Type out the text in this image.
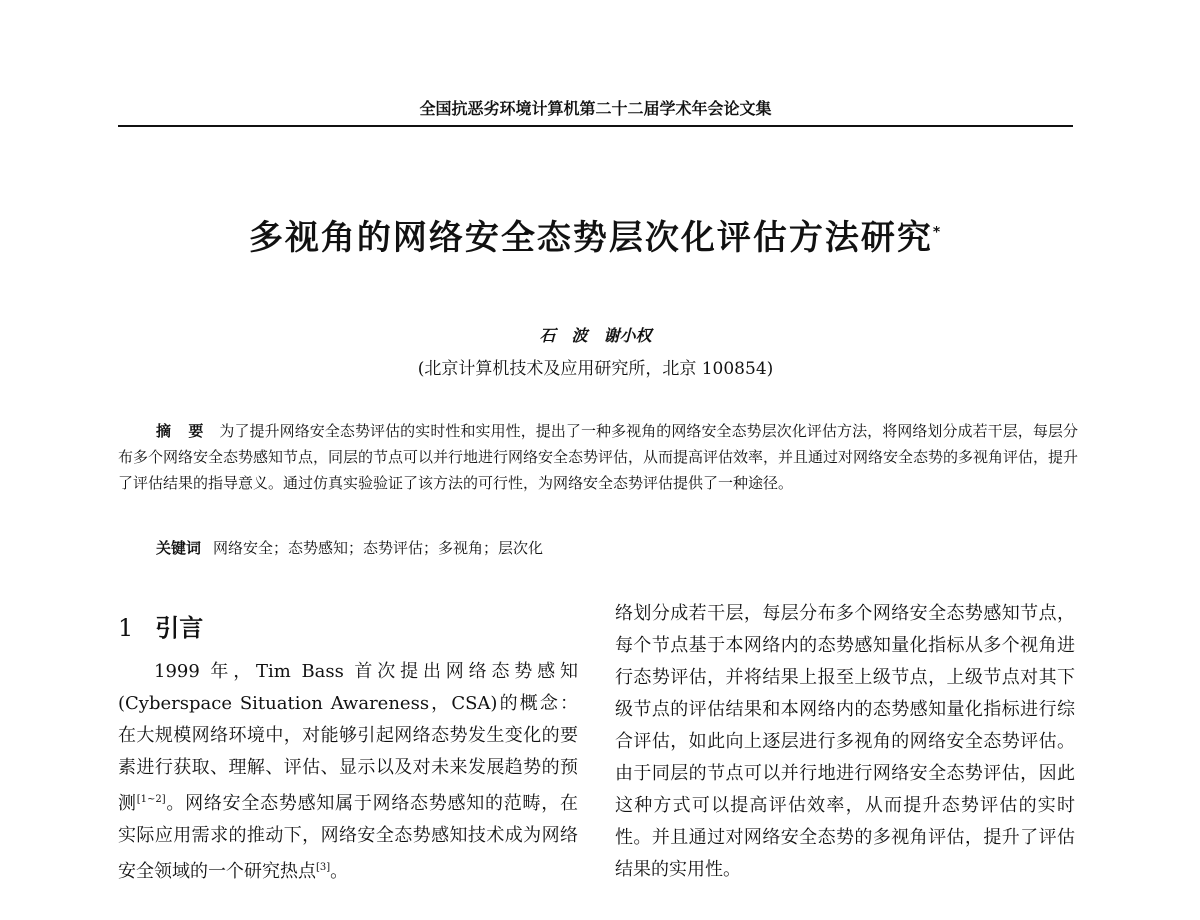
全国抗恶劣环境计算机第二十二届学术年会论文集
多视角的网络安全态势层次化评估方法研究*
石　波　谢小权
(北京计算机技术及应用研究所，北京 100854)
摘 要 为了提升网络安全态势评估的实时性和实用性，提出了一种多视角的网络安全态势层次化评估方法，将网络划分成若干层，每层分布多个网络安全态势感知节点，同层的节点可以并行地进行网络安全态势评估，从而提高评估效率，并且通过对网络安全态势的多视角评估，提升了评估结果的指导意义。通过仿真实验验证了该方法的可行性，为网络安全态势评估提供了一种途径。
关键词 网络安全；态势感知；态势评估；多视角；层次化
1 引言

1999 年，Tim Bass 首次提出网络态势感知(Cyberspace Situation Awareness，CSA)的概念：在大规模网络环境中，对能够引起网络态势发生变化的要素进行获取、理解、评估、显示以及对未来发展趋势的预测[1~2]。网络安全态势感知属于网络态势感知的范畴，在实际应用需求的推动下，网络安全态势感知技术成为网络安全领域的一个研究热点[3]。

络划分成若干层，每层分布多个网络安全态势感知节点，每个节点基于本网络内的态势感知量化指标从多个视角进行态势评估，并将结果上报至上级节点，上级节点对其下级节点的评估结果和本网络内的态势感知量化指标进行综合评估，如此向上逐层进行多视角的网络安全态势评估。由于同层的节点可以并行地进行网络安全态势评估，因此这种方式可以提高评估效率，从而提升态势评估的实时性。并且通过对网络安全态势的多视角评估，提升了评估结果的实用性。
